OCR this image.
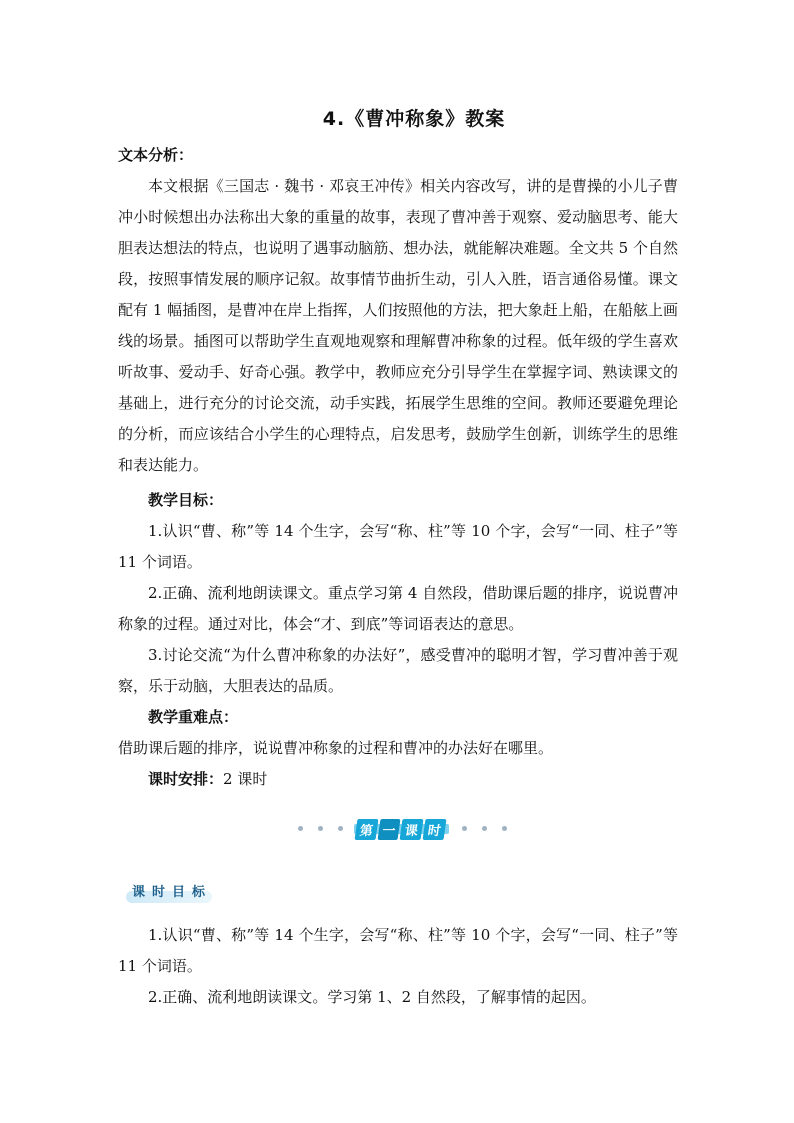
4.《曹冲称象》教案

文本分析：

本文根据《三国志 · 魏书 · 邓哀王冲传》相关内容改写，讲的是曹操的小儿子曹冲小时候想出办法称出大象的重量的故事，表现了曹冲善于观察、爱动脑思考、能大胆表达想法的特点，也说明了遇事动脑筋、想办法，就能解决难题。全文共 5 个自然段，按照事情发展的顺序记叙。故事情节曲折生动，引人入胜，语言通俗易懂。课文配有 1 幅插图，是曹冲在岸上指挥，人们按照他的方法，把大象赶上船，在船舷上画线的场景。插图可以帮助学生直观地观察和理解曹冲称象的过程。低年级的学生喜欢听故事、爱动手、好奇心强。教学中，教师应充分引导学生在掌握字词、熟读课文的基础上，进行充分的讨论交流，动手实践，拓展学生思维的空间。教师还要避免理论的分析，而应该结合小学生的心理特点，启发思考，鼓励学生创新，训练学生的思维和表达能力。

教学目标：

1.认识“曹、称”等 14 个生字，会写“称、柱”等 10 个字，会写“一同、柱子”等 11 个词语。

2.正确、流利地朗读课文。重点学习第 4 自然段，借助课后题的排序，说说曹冲称象的过程。通过对比，体会“才、到底”等词语表达的意思。

3.讨论交流“为什么曹冲称象的办法好”，感受曹冲的聪明才智，学习曹冲善于观察，乐于动脑，大胆表达的品质。

教学重难点：

借助课后题的排序，说说曹冲称象的过程和曹冲的办法好在哪里。

课时安排：2 课时

第 一 课 时
课时目标

1.认识“曹、称”等 14 个生字，会写“称、柱”等 10 个字，会写“一同、柱子”等 11 个词语。

2.正确、流利地朗读课文。学习第 1、2 自然段，了解事情的起因。
